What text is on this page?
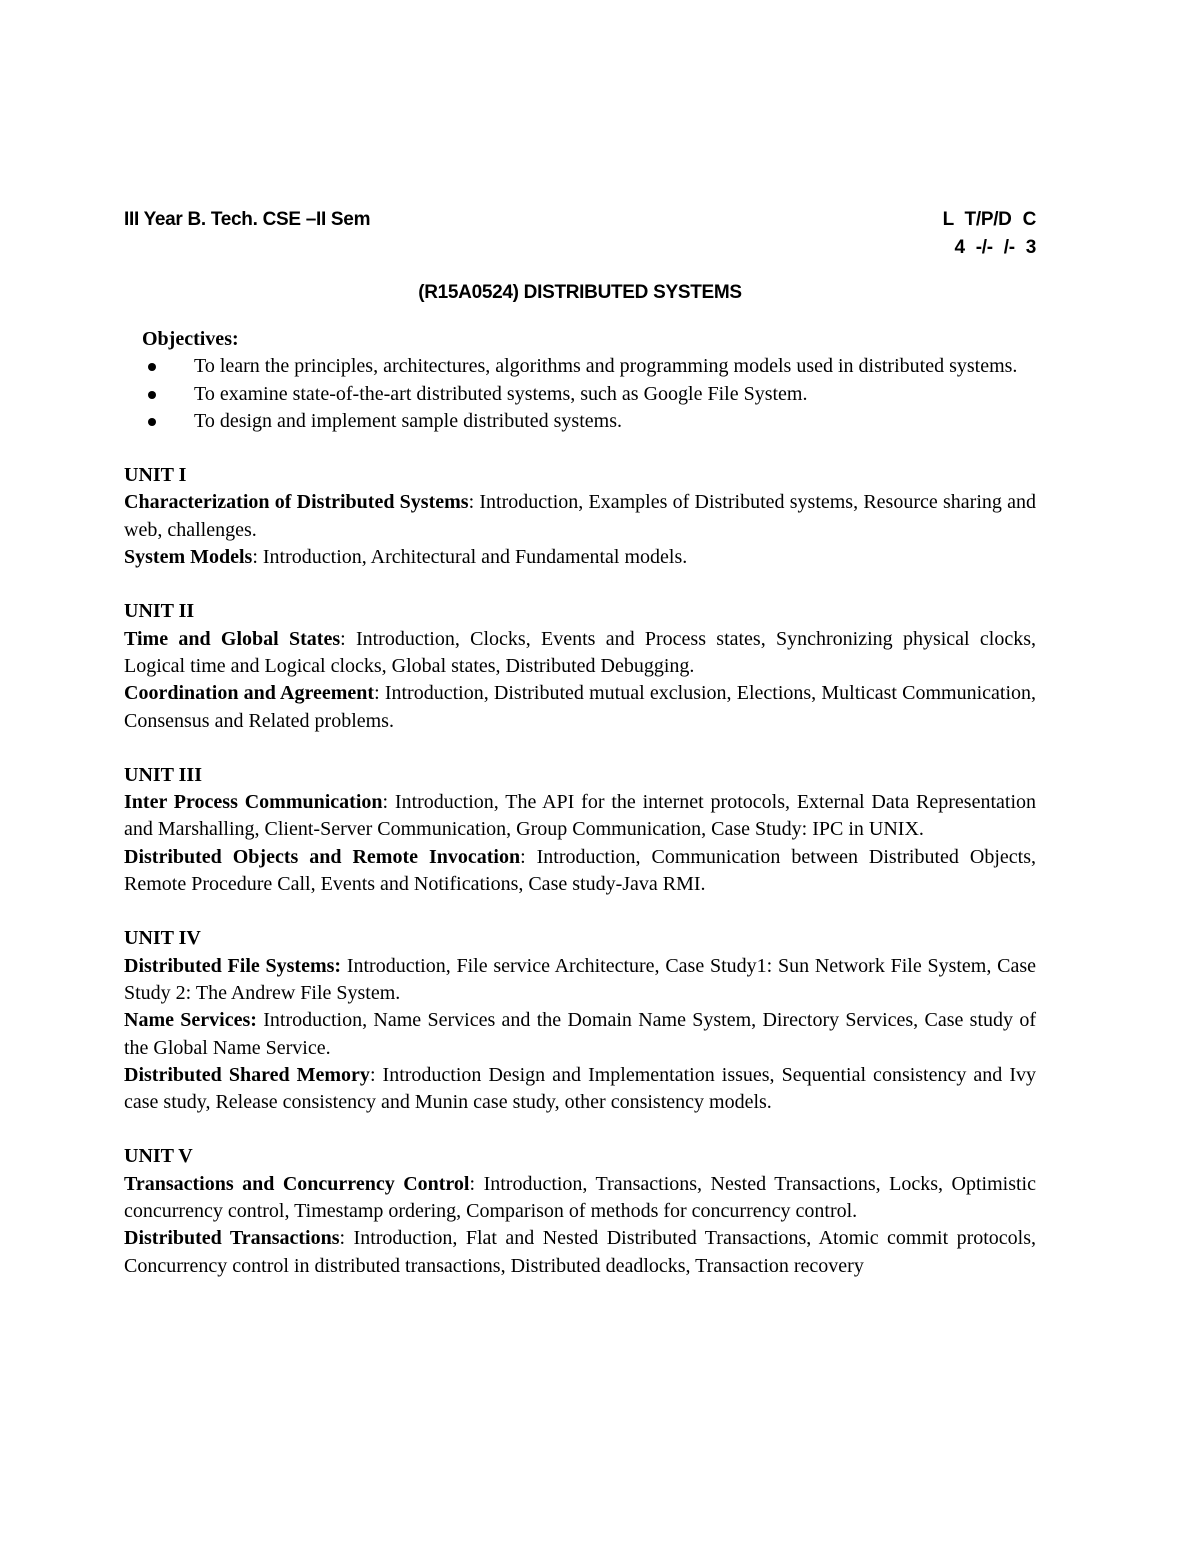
III Year B. Tech. CSE –II Sem	L T/P/D C
4 -/- /- 3
(R15A0524) DISTRIBUTED SYSTEMS
Objectives:
To learn the principles, architectures, algorithms and programming models used in distributed systems.
To examine state-of-the-art distributed systems, such as Google File System.
To design and implement sample distributed systems.
UNIT I
Characterization of Distributed Systems: Introduction, Examples of Distributed systems, Resource sharing and web, challenges.
System Models: Introduction, Architectural and Fundamental models.
UNIT II
Time and Global States: Introduction, Clocks, Events and Process states, Synchronizing physical clocks, Logical time and Logical clocks, Global states, Distributed Debugging.
Coordination and Agreement: Introduction, Distributed mutual exclusion, Elections, Multicast Communication, Consensus and Related problems.
UNIT III
Inter Process Communication: Introduction, The API for the internet protocols, External Data Representation and Marshalling, Client-Server Communication, Group Communication, Case Study: IPC in UNIX.
Distributed Objects and Remote Invocation: Introduction, Communication between Distributed Objects, Remote Procedure Call, Events and Notifications, Case study-Java RMI.
UNIT IV
Distributed File Systems: Introduction, File service Architecture, Case Study1: Sun Network File System, Case Study 2: The Andrew File System.
Name Services: Introduction, Name Services and the Domain Name System, Directory Services, Case study of the Global Name Service.
Distributed Shared Memory: Introduction Design and Implementation issues, Sequential consistency and Ivy case study, Release consistency and Munin case study, other consistency models.
UNIT V
Transactions and Concurrency Control: Introduction, Transactions, Nested Transactions, Locks, Optimistic concurrency control, Timestamp ordering, Comparison of methods for concurrency control.
Distributed Transactions: Introduction, Flat and Nested Distributed Transactions, Atomic commit protocols, Concurrency control in distributed transactions, Distributed deadlocks, Transaction recovery
